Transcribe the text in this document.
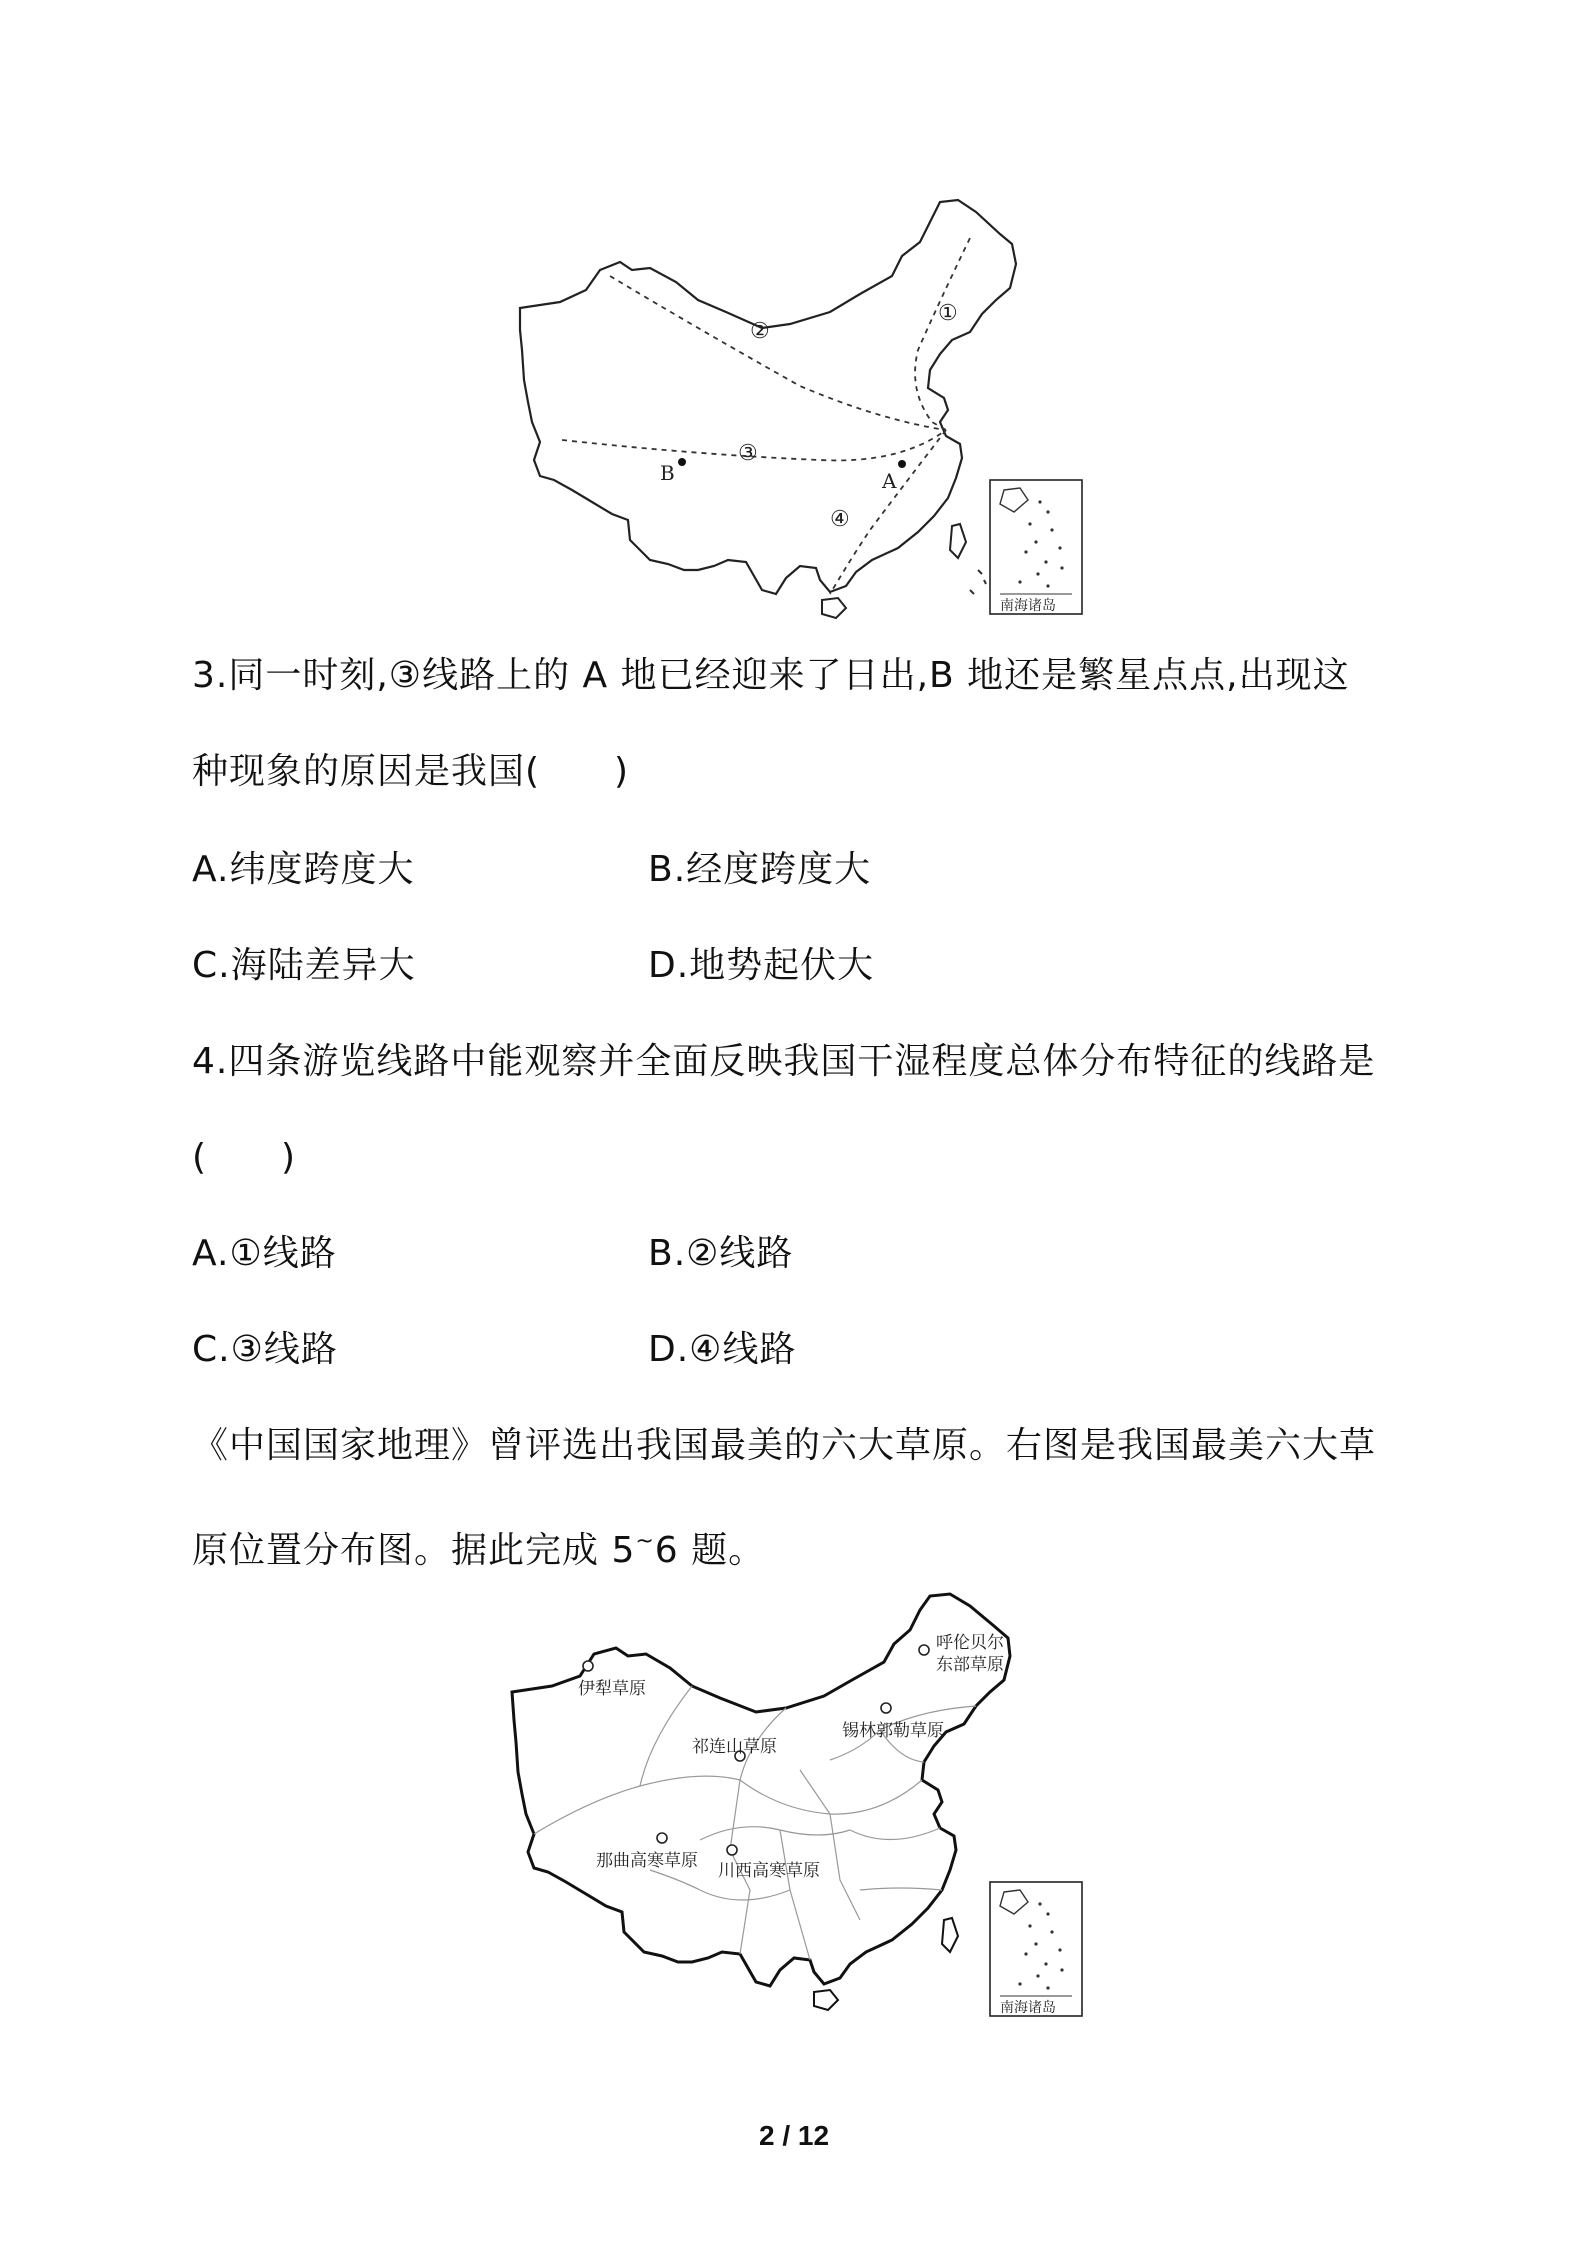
A
B
①
②
③
④
南海诸岛
3.同一时刻,③线路上的 A 地已经迎来了日出,B 地还是繁星点点,出现这
种现象的原因是我国(　　)
A.纬度跨度大	B.经度跨度大
C.海陆差异大	D.地势起伏大
4.四条游览线路中能观察并全面反映我国干湿程度总体分布特征的线路是
(　　)
A.①线路	B.②线路
C.③线路	D.④线路
《中国国家地理》曾评选出我国最美的六大草原。右图是我国最美六大草
原位置分布图。据此完成 5~6 题。
伊犁草原
呼伦贝尔
东部草原
锡林郭勒草原
祁连山草原
那曲高寒草原 川西高寒草原
南海诸岛
2 / 12
